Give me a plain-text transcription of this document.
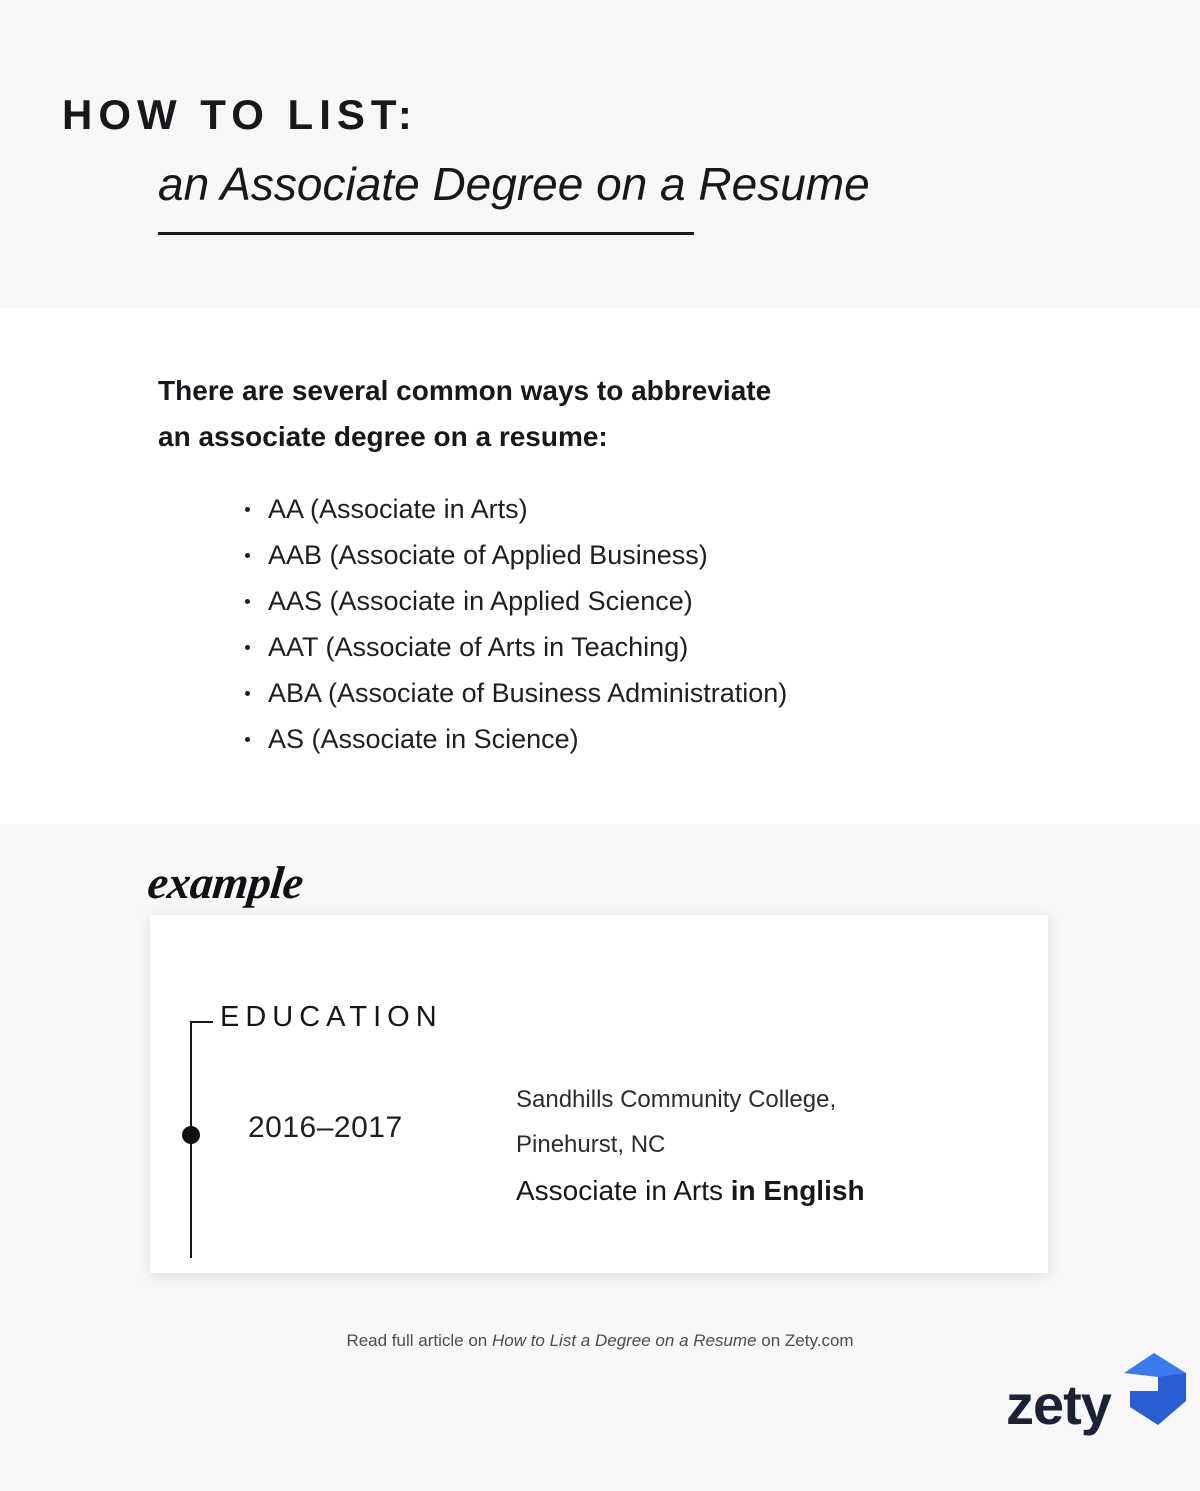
HOW TO LIST:
an Associate Degree on a Resume
There are several common ways to abbreviate
an associate degree on a resume:
AA (Associate in Arts)
AAB (Associate of Applied Business)
AAS (Associate in Applied Science)
AAT (Associate of Arts in Teaching)
ABA (Associate of Business Administration)
AS (Associate in Science)
example
EDUCATION
2016–2017
Sandhills Community College,
Pinehurst, NC
Associate in Arts in English
Read full article on How to List a Degree on a Resume on Zety.com
zety
